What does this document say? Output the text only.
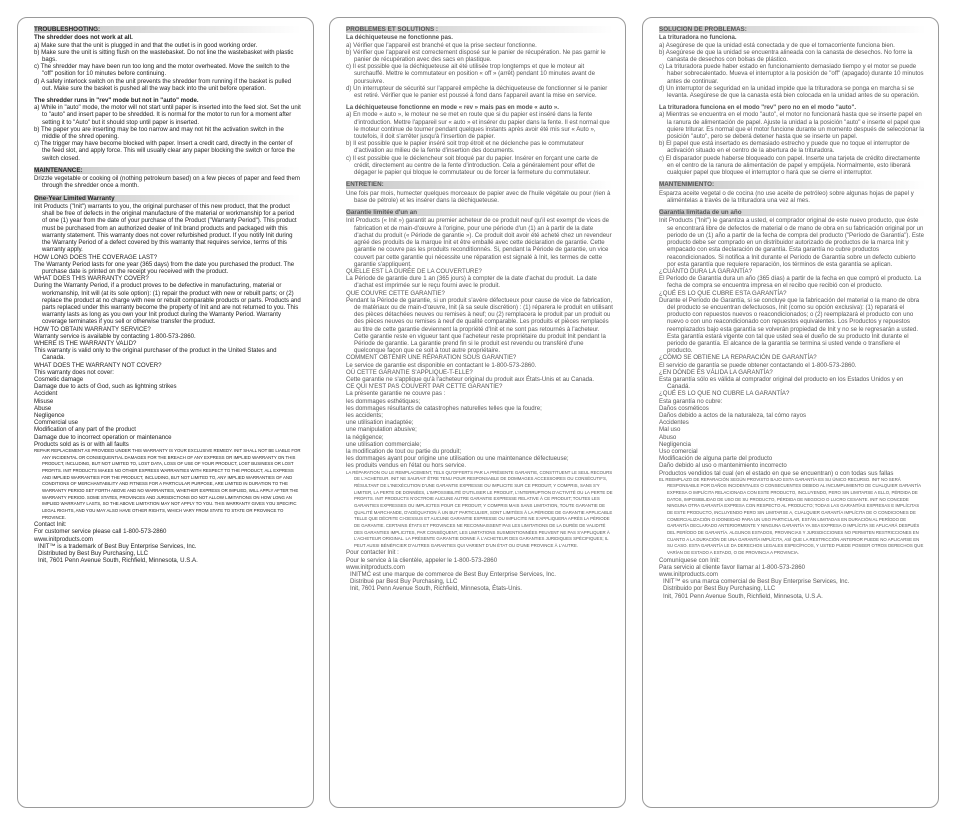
TROUBLESHOOTING:

The shredder does not work at all.

a) Make sure that the unit is plugged in and that the outlet is in good working order.

b) Make sure the unit is sitting flush on the wastebasket. Do not line the wastebasket with plastic bags.

c) The shredder may have been run too long and the motor overheated. Move the switch to the "off" position for 10 minutes before continuing.

d) A safety interlock switch on the unit prevents the shredder from running if the basket is pulled out. Make sure the basket is pushed all the way back into the unit before operation.

The shredder runs in "rev" mode but not in "auto" mode.

a) While in "auto" mode, the motor will not start until paper is inserted into the feed slot. Set the unit to "auto" and insert paper to be shredded. It is normal for the motor to run for a moment after setting it to "Auto" but it should stop until paper is inserted.

b) The paper you are inserting may be too narrow and may not hit the activation switch in the middle of the shred opening.

c) The trigger may have become blocked with paper. Insert a credit card, directly in the center of the feed slot, and apply force. This will usually clear any paper blocking the switch or force the switch closed.

MAINTENANCE:

Drizzle vegetable or cooking oil (nothing petroleum based) on a few pieces of paper and feed them through the shredder once a month.

One-Year Limited Warranty

Init Products ("Init") warrants to you, the original purchaser of this new product, that the product shall be free of defects in the original manufacture of the material or workmanship for a period of one (1) year from the date of your purchase of the Product ("Warranty Period"). This product must be purchased from an authorized dealer of Init brand products and packaged with this warranty statement. This warranty does not cover refurbished product. If you notify Init during the Warranty Period of a defect covered by this warranty that requires service, terms of this warranty apply.

HOW LONG DOES THE COVERAGE LAST?

The Warranty Period lasts for one year (365 days) from the date you purchased the product. The purchase date is printed on the receipt you received with the product.

WHAT DOES THIS WARRANTY COVER?

During the Warranty Period, if a product proves to be defective in manufacturing, material or workmanship, Init will (at its sole option): (1) repair the product with new or rebuilt parts; or (2) replace the product at no charge with new or rebuilt comparable products or parts. Products and parts replaced under this warranty become the property of Init and are not returned to you. This warranty lasts as long as you own your Init product during the Warranty Period. Warranty coverage terminates if you sell or otherwise transfer the product.

HOW TO OBTAIN WARRANTY SERVICE?

Warranty service is available by contacting 1-800-573-2860.

WHERE IS THE WARRANTY VALID?

This warranty is valid only to the original purchaser of the product in the United States and Canada.

WHAT DOES THE WARRANTY NOT COVER?

This warranty does not cover:

Cosmetic damage

Damage due to acts of God, such as lightning strikes

Accident

Misuse

Abuse

Negligence

Commercial use

Modification of any part of the product

Damage due to incorrect operation or maintenance

Products sold as is or with all faults

REPAIR REPLACEMENT AS PROVIDED UNDER THIS WARRANTY IS YOUR EXCLUSIVE REMEDY. INIT SHALL NOT BE LIABLE FOR ANY INCIDENTAL OR CONSEQUENTIAL DAMAGES FOR THE BREACH OF ANY EXPRESS OR IMPLIED WARRANTY ON THIS PRODUCT, INCLUDING, BUT NOT LIMITED TO, LOST DATA, LOSS OF USE OF YOUR PRODUCT, LOST BUSINESS OR LOST PROFITS. INIT PRODUCTS MAKES NO OTHER EXPRESS WARRANTIES WITH RESPECT TO THE PRODUCT, ALL EXPRESS AND IMPLIED WARRANTIES FOR THE PRODUCT, INCLUDING, BUT NOT LIMITED TO, ANY IMPLIED WARRANTIES OF AND CONDITIONS OF MERCHANTABILITY AND FITNESS FOR A PARTICULAR PURPOSE, ARE LIMITED IN DURATION TO THE WARRANTY PERIOD SET FORTH ABOVE AND NO WARRANTIES, WHETHER EXPRESS OR IMPLIED, WILL APPLY AFTER THE WARRANTY PERIOD. SOME STATES, PROVINCES AND JURISDICTIONS DO NOT ALLOW LIMITATIONS ON HOW LONG AN IMPLIED WARRANTY LASTS, SO THE ABOVE LIMITATION MAY NOT APPLY TO YOU. THIS WARRANTY GIVES YOU SPECIFIC LEGAL RIGHTS, AND YOU MAY ALSO HAVE OTHER RIGHTS, WHICH VARY FROM STATE TO STATE OR PROVINCE TO PROVINCE.

Contact Init:

For customer service please call 1-800-573-2860

www.initproducts.com

INIT™ is a trademark of Best Buy Enterprise Services, Inc.

Distributed by Best Buy Purchasing, LLC

Init, 7601 Penn Avenue South, Richfield, Minnesota, U.S.A.

PROBLÈMES ET SOLUTIONS :

La déchiqueteuse ne fonctionne pas.

a) Vérifier que l'appareil est branché et que la prise secteur fonctionne.

b) Vérifier que l'appareil est correctement disposé sur le panier de récupération. Ne pas garnir le panier de récupération avec des sacs en plastique.

c) Il est possible que la déchiqueteuse ait été utilisée trop longtemps et que le moteur ait surchauffé. Mettre le commutateur en position « off » (arrêt) pendant 10 minutes avant de poursuivre.

d) Un interrupteur de sécurité sur l'appareil empêche la déchiqueteuse de fonctionner si le panier est retiré. Vérifier que le panier est poussé à fond dans l'appareil avant la mise en service.

La déchiqueteuse fonctionne en mode « rev » mais pas en mode « auto ».

a) En mode « auto », le moteur ne se met en route que si du papier est inséré dans la fente d'introduction. Mettre l'appareil sur « auto » et insérer du papier dans la fente. Il est normal que le moteur continue de tourner pendant quelques instants après avoir été mis sur « Auto », toutefois, il doit s'arrêter jusqu'à l'insertion de papier.

b) Il est possible que le papier inséré soit trop étroit et ne déclenche pas le commutateur d'activation au milieu de la fente d'insertion des documents.

c) Il est possible que le déclencheur soit bloqué par du papier. Insérer en forçant une carte de crédit, directement au centre de la fente d'introduction. Cela a généralement pour effet de dégager le papier qui bloque le commutateur ou de forcer la fermeture du commutateur.

ENTRETIEN:

Une fois par mois, humecter quelques morceaux de papier avec de l'huile végétale ou pour (rien à base de pétrole) et les insérer dans la déchiqueteuse.

Garantie limitée d'un an

Init Products (« Init ») garantit au premier acheteur de ce produit neuf qu'il est exempt de vices de fabrication et de main-d'œuvre à l'origine, pour une période d'un (1) an à partir de la date d'achat du produit (« Période de garantie »). Ce produit doit avoir été acheté chez un revendeur agréé des produits de la marque Init et être emballé avec cette déclaration de garantie. Cette garantie ne couvre pas les produits reconditionnés. Si, pendant la Période de garantie, un vice couvert par cette garantie qui nécessite une réparation est signalé à Init, les termes de cette garantie s'appliquent.

QUELLE EST LA DURÉE DE LA COUVERTURE?

La Période de garantie dure 1 an (365 jours) à compter de la date d'achat du produit. La date d'achat est imprimée sur le reçu fourni avec le produit.

QUE COUVRE CETTE GARANTIE?

Pendant la Période de garantie, si un produit s'avère défectueux pour cause de vice de fabrication, de matériaux ou de main-d'œuvre, Init (à sa seule discrétion) : (1) réparera le produit en utilisant des pièces détachées neuves ou remises à neuf; ou (2) remplacera le produit par un produit ou des pièces neuves ou remises à neuf de qualité comparable. Les produits et pièces remplacés au titre de cette garantie deviennent la propriété d'Init et ne sont pas retournés à l'acheteur. Cette garantie reste en vigueur tant que l'acheteur reste propriétaire du produit Init pendant la Période de garantie. La garantie prend fin si le produit est revendu ou transféré d'une quelconque façon que ce soit à tout autre propriétaire.

COMMENT OBTENIR UNE RÉPARATION SOUS GARANTIE?

Le service de garantie est disponible en contactant le 1-800-573-2860.

OÙ CETTE GARANTIE S'APPLIQUE-T-ELLE?

Cette garantie ne s'applique qu'à l'acheteur original du produit aux États-Unis et au Canada.

CE QUI N'EST PAS COUVERT PAR CETTE GARANTIE?

La présente garantie ne couvre pas :

les dommages esthétiques;

les dommages résultants de catastrophes naturelles telles que la foudre;

les accidents;

une utilisation inadaptée;

une manipulation abusive;

la négligence;

une utilisation commerciale;

la modification de tout ou partie du produit;

les dommages ayant pour origine une utilisation ou une maintenance défectueuse;

les produits vendus en l'état ou hors service.

LA RÉPARATION OU LE REMPLACEMENT, TELS QU'OFFERTS PAR LA PRÉSENTE GARANTIE, CONSTITUENT LE SEUL RECOURS DE L'ACHETEUR. INIT NE SAURAIT ÊTRE TENU POUR RESPONSABLE DE DOMMAGES ACCESSOIRES OU CONSÉCUTIFS, RÉSULTANT DE L'INEXÉCUTION D'UNE GARANTIE EXPRESSE OU IMPLICITE SUR CE PRODUIT, Y COMPRIS, SANS S'Y LIMITER, LA PERTE DE DONNÉES, L'IMPOSSIBILITÉ D'UTILISER LE PRODUIT, L'INTERRUPTION D'ACTIVITÉ OU LA PERTE DE PROFITS. INIT PRODUCTS N'OCTROIE AUCUNE AUTRE GARANTIE EXPRESSE RELATIVE À CE PRODUIT; TOUTES LES GARANTIES EXPRESSES OU IMPLICITES POUR CE PRODUIT, Y COMPRIS MAIS SANS LIMITATION, TOUTE GARANTIE DE QUALITÉ MARCHANDE, D'ADÉQUATION À UN BUT PARTICULIER, SONT LIMITÉES À LA PÉRIODE DE GARANTIE APPLICABLE TELLE QUE DÉCRITE CI-DESSUS ET AUCUNE GARANTIE EXPRESSE OU IMPLICITE NE S'APPLIQUERA APRÈS LA PÉRIODE DE GARANTIE. CERTAINS ÉTATS ET PROVINCES NE RECONNAISSENT PAS LES LIMITATIONS DE LA DURÉE DE VALIDITÉ DES GARANTIES IMPLICITES, PAR CONSÉQUENT, LES LIMITATIONS SUSMENTIONNÉES PEUVENT NE PAS S'APPLIQUER À L'ACHETEUR ORIGINAL. LA PRÉSENTE GARANTIE DONNE À L'ACHETEUR DES GARANTIES JURIDIQUES SPÉCIFIQUES; IL PEUT AUSSI BÉNÉFICIER D'AUTRES GARANTIES QUI VARIENT D'UN ÉTAT OU D'UNE PROVINCE À L'AUTRE.

Pour contacter Init :

Pour le service à la clientèle, appeler le 1-800-573-2860

www.initproducts.com

INITMC est une marque de commerce de Best Buy Enterprise Services, Inc.

Distribué par Best Buy Purchasing, LLC

Init, 7601 Penn Avenue South, Richfield, Minnesota, États-Unis.

SOLUCIÓN DE PROBLEMAS:

La trituradora no funciona.

a) Asegúrese de que la unidad está conectada y de que el tomacorriente funciona bien.

b) Asegúrese de que la unidad se encuentra alineada con la canasta de desechos. No forre la canasta de desechos con bolsas de plástico.

c) La trituradora puede haber estado en funcionamiento demasiado tiempo y el motor se puede haber sobrecalentado. Mueva el interruptor a la posición de "off" (apagado) durante 10 minutos antes de continuar.

d) Un interruptor de seguridad en la unidad impide que la trituradora se ponga en marcha si se levanta. Asegúrese de que la canasta está bien colocada en la unidad antes de su operación.

La trituradora funciona en el modo "rev" pero no en el modo "auto".

a) Mientras se encuentra en el modo "auto", el motor no funcionará hasta que se inserte papel en la ranura de alimentación de papel. Ajuste la unidad a la posición "auto" e inserte el papel que quiere triturar. Es normal que el motor funcione durante un momento después de seleccionar la posición "auto", pero se deberá detener hasta que se inserte un papel.

b) El papel que está insertado es demasiado estrecho y puede que no toque el interruptor de activación situado en el centro de la abertura de la trituradora.

c) El disparador puede haberse bloqueado con papel. Inserte una tarjeta de crédito directamente en el centro de la ranura de alimentación de papel y empújela. Normalmente, esto liberará cualquier papel que bloquee el interruptor o hará que se cierre el interruptor.

MANTENIMIENTO:

Esparza aceite vegetal o de cocina (no use aceite de petróleo) sobre algunas hojas de papel y aliméntelas a través de la trituradora una vez al mes.

Garantía limitada de un año

Init Products ("Init") le garantiza a usted, el comprador original de este nuevo producto, que éste se encontrará libre de defectos de material o de mano de obra en su fabricación original por un periodo de un (1) año a partir de la fecha de compra del producto ("Período de Garantía"). Este producto debe ser comprado en un distribuidor autorizado de productos de la marca Init y empacado con esta declaración de garantía. Esta garantía no cubre productos reacondicionados. Si notifica a Init durante el Período de Garantía sobre un defecto cubierto por esta garantía que requiere reparación, los términos de esta garantía se aplican.

¿CUÁNTO DURA LA GARANTÍA?

El Período de Garantía dura un año (365 días) a partir de la fecha en que compró el producto. La fecha de compra se encuentra impresa en el recibo que recibió con el producto.

¿QUÉ ES LO QUE CUBRE ESTA GARANTÍA?

Durante el Período de Garantía, si se concluye que la fabricación del material o la mano de obra del producto se encuentran defectuosos, Init (como su opción exclusiva): (1) reparará el producto con repuestos nuevos o reacondicionados; o (2) reemplazará el producto con uno nuevo o con uno reacondicionado con repuestos equivalentes. Los Productos y repuestos reemplazados bajo esta garantía se volverán propiedad de Init y no se le regresarán a usted. Esta garantía estará vigente con tal que usted sea el dueño de su producto Init durante el periodo de garantía. El alcance de la garantía se termina si usted vende o transfiere el producto.

¿CÓMO SE OBTIENE LA REPARACIÓN DE GARANTÍA?

El servicio de garantía se puede obtener contactando el 1-800-573-2860.

¿EN DÓNDE ES VÁLIDA LA GARANTÍA?

Esta garantía sólo es válida al comprador original del producto en los Estados Unidos y en Canadá.

¿QUÉ ES LO QUE NO CUBRE LA GARANTÍA?

Esta garantía no cubre:

Daños cosméticos

Daños debido a actos de la naturaleza, tal cómo rayos

Accidentes

Mal uso

Abuso

Negligencia

Uso comercial

Modificación de alguna parte del producto

Daño debido al uso o mantenimiento incorrecto

Productos vendidos tal cual (en el estado en que se encuentran) o con todas sus fallas

EL REEMPLAZO DE REPARACIÓN SEGÚN PROVISTO BAJO ESTA GARANTÍA ES SU ÚNICO RECURSO. INIT NO SERÁ RESPONSABLE POR DAÑOS INCIDENTALES O CONSECUENTES DEBIDO AL INCUMPLIMIENTO DE CUALQUIER GARANTÍA EXPRESA O IMPLÍCITA RELACIONADA CON ESTE PRODUCTO, INCLUYENDO, PERO SIN LIMITARSE A ELLO, PÉRDIDA DE DATOS, IMPOSIBILIDAD DE USO DE SU PRODUCTO, PÉRDIDA DE NEGOCIO O LUCRO CESANTE. INIT NO CONCEDE NINGUNA OTRA GARANTÍA EXPRESA CON RESPECTO AL PRODUCTO; TODAS LAS GARANTÍAS EXPRESAS E IMPLÍCITAS DE ESTE PRODUCTO, INCLUYENDO PERO SIN LIMITARSE A, CUALQUIER GARANTÍA IMPLÍCITA DE O CONDICIONES DE COMERCIALIZACIÓN O IDONEIDAD PARA UN USO PARTICULAR, ESTÁN LIMITADAS EN DURACIÓN AL PERÍODO DE GARANTÍA DECLARADO ANTERIORMENTE Y NINGUNA GARANTÍA YA SEA EXPRESA O IMPLÍCITA SE APLICARÁ DESPUÉS DEL PERÍODO DE GARANTÍA. ALGUNOS ESTADOS, PROVINCIAS Y JURISDICCIONES NO PERMITEN RESTRICCIONES EN CUANTO A LA DURACIÓN DE UNA GARANTÍA IMPLÍCITA, ASÍ QUE LA RESTRICCIÓN ANTERIOR PUEDE NO APLICARSE EN SU CASO. ESTA GARANTÍA LE DA DERECHOS LEGALES ESPECÍFICOS, Y USTED PUEDE POSEER OTROS DERECHOS QUE VARÍAN DE ESTADO A ESTADO, O DE PROVINCIA A PROVINCIA.

Comuníquese con Init:

Para servicio al cliente favor llamar al 1-800-573-2860

www.initproducts.com

INIT™ es una marca comercial de Best Buy Enterprise Services, Inc.

Distribuido por Best Buy Purchasing, LLC

Init, 7601 Penn Avenue South, Richfield, Minnesota, U.S.A.
